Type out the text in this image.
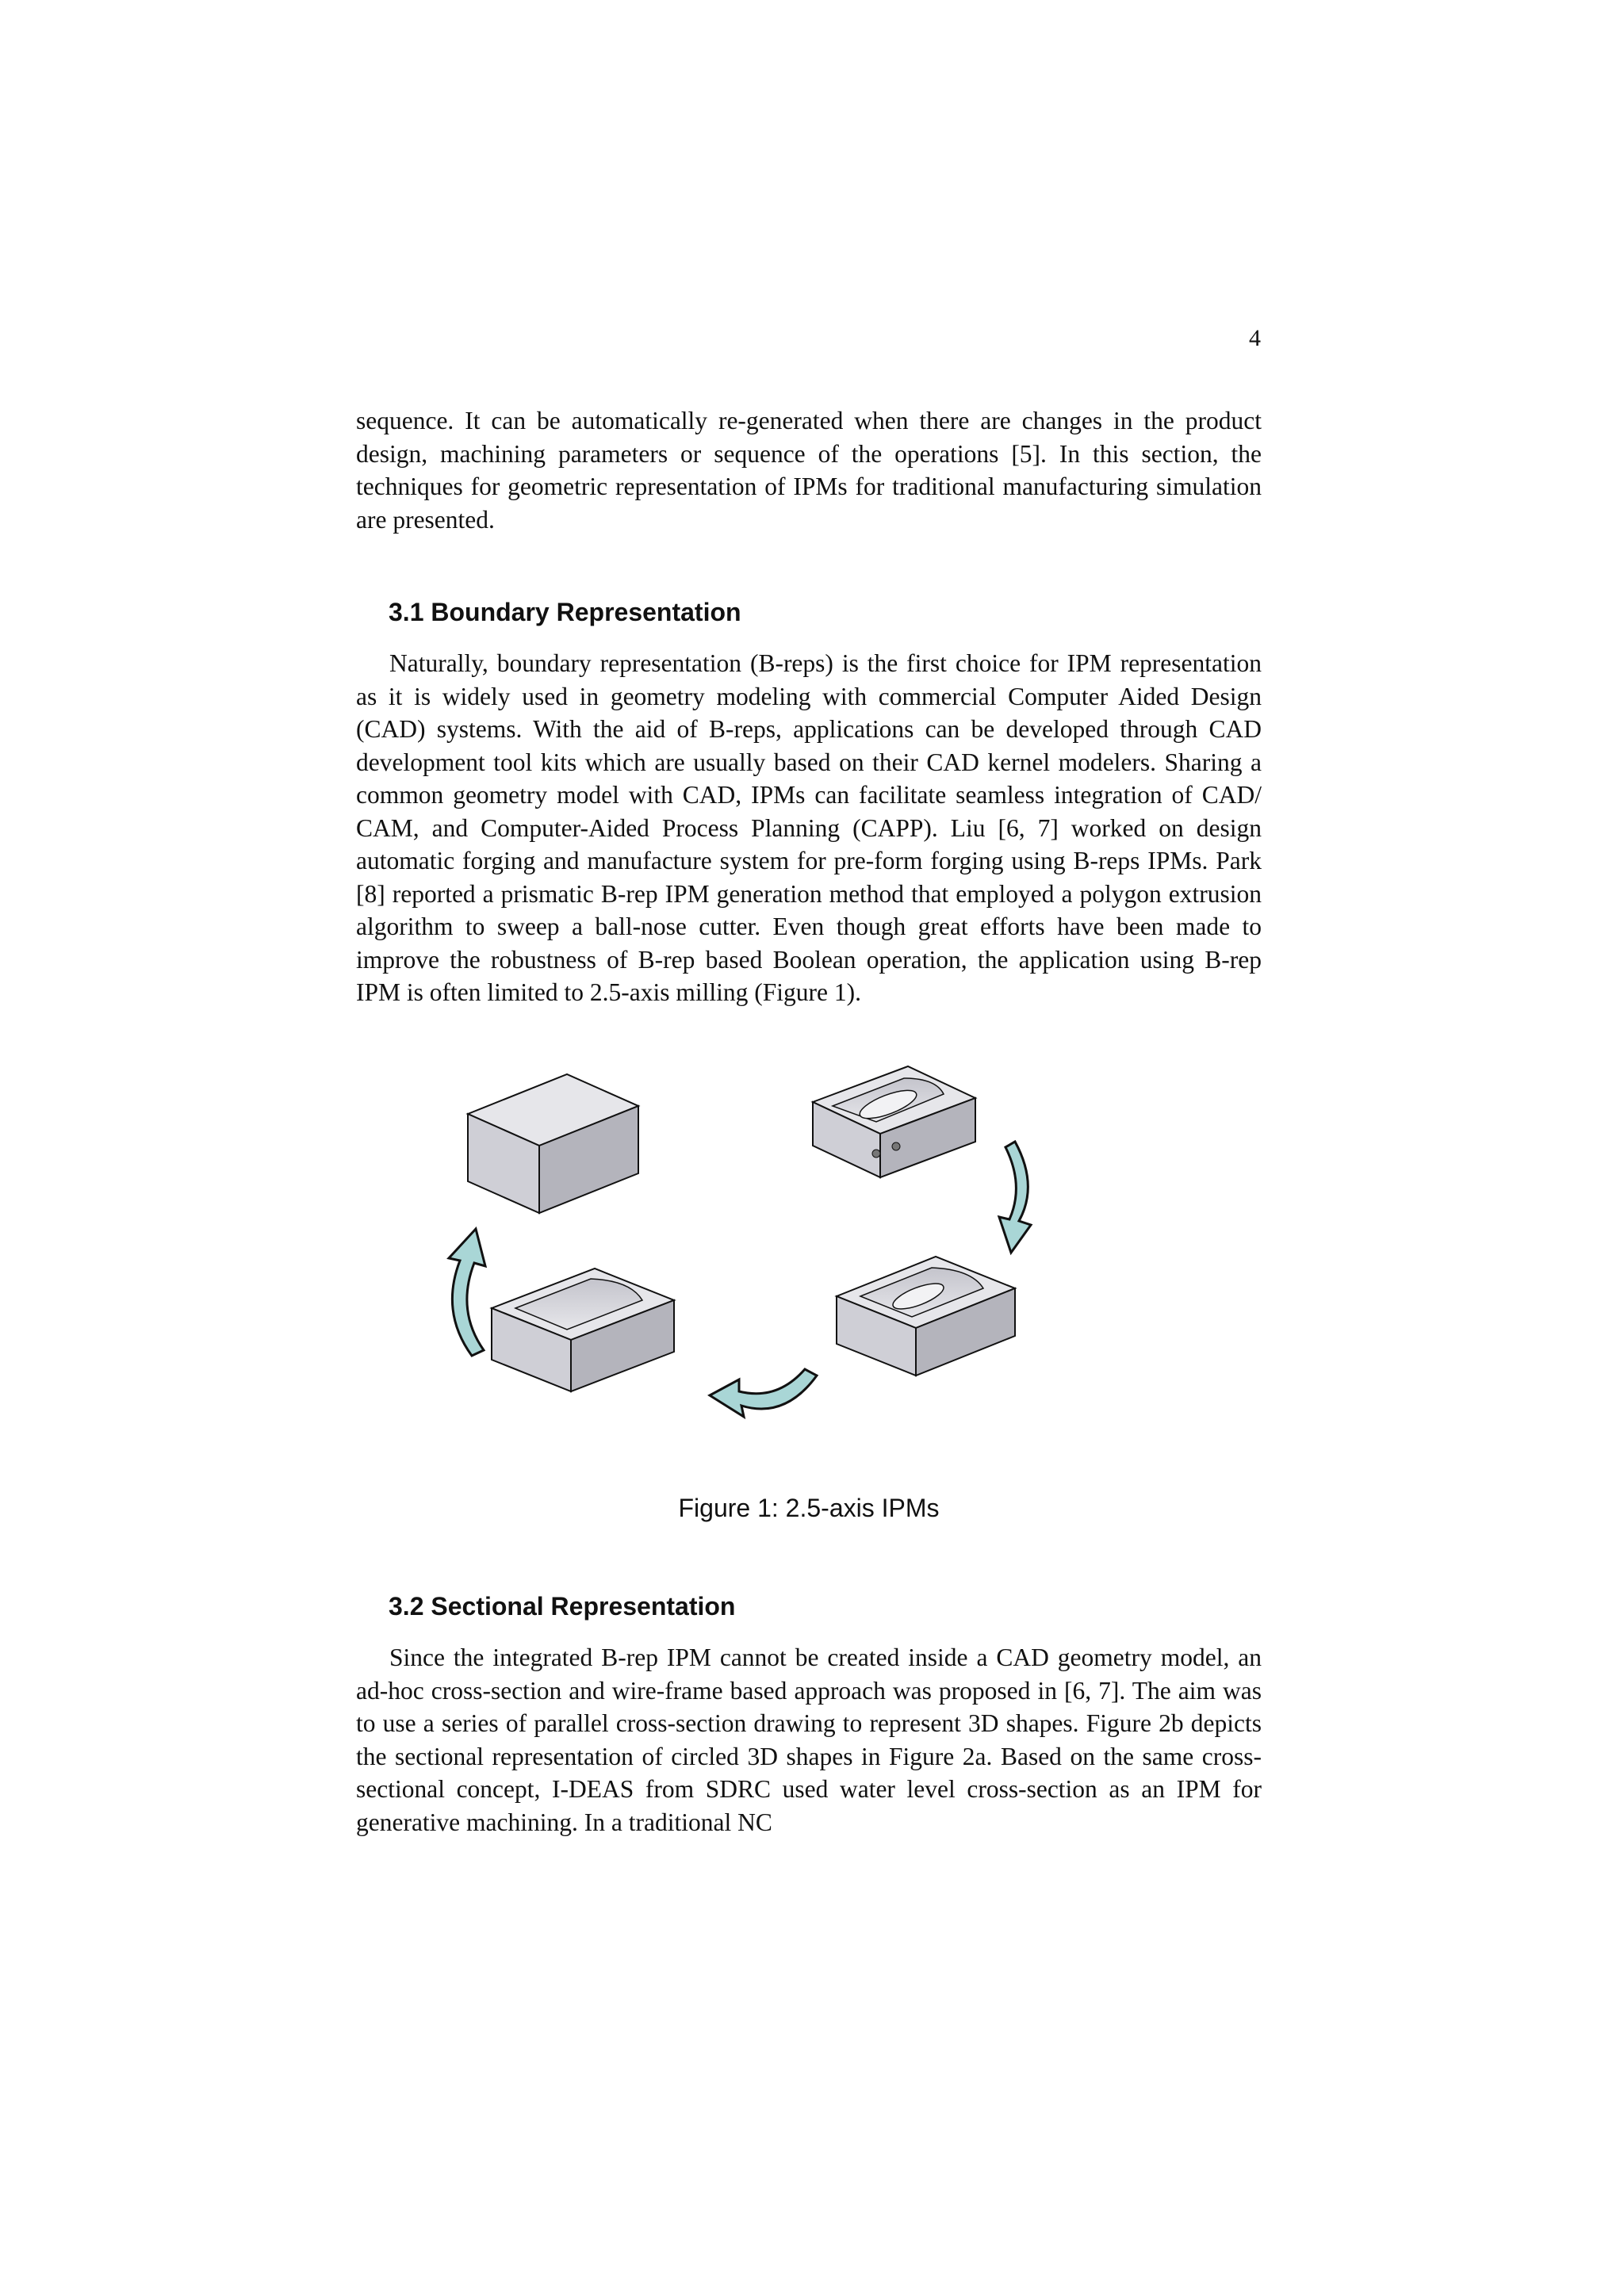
4

sequence. It can be automatically re-generated when there are changes in the product design, machining parameters or sequence of the operations [5]. In this section, the techniques for geometric representation of IPMs for traditional manufacturing simulation are presented.

3.1 Boundary Representation

Naturally, boundary representation (B-reps) is the first choice for IPM representation as it is widely used in geometry modeling with commercial Computer Aided Design (CAD) systems. With the aid of B-reps, applications can be developed through CAD development tool kits which are usually based on their CAD kernel modelers. Sharing a common geometry model with CAD, IPMs can facilitate seamless integration of CAD/ CAM, and Computer-Aided Process Planning (CAPP). Liu [6, 7] worked on design automatic forging and manufacture system for pre-form forging using B-reps IPMs. Park [8] reported a prismatic B-rep IPM generation method that employed a polygon extrusion algorithm to sweep a ball-nose cutter. Even though great efforts have been made to improve the robustness of B-rep based Boolean operation, the application using B-rep IPM is often limited to 2.5-axis milling (Figure 1).

Figure 1: 2.5-axis IPMs

3.2 Sectional Representation

Since the integrated B-rep IPM cannot be created inside a CAD geometry model, an ad-hoc cross-section and wire-frame based approach was proposed in [6, 7]. The aim was to use a series of parallel cross-section drawing to represent 3D shapes. Figure 2b depicts the sectional representation of circled 3D shapes in Figure 2a. Based on the same cross-sectional concept, I-DEAS from SDRC used water level cross-section as an IPM for generative machining. In a traditional NC
